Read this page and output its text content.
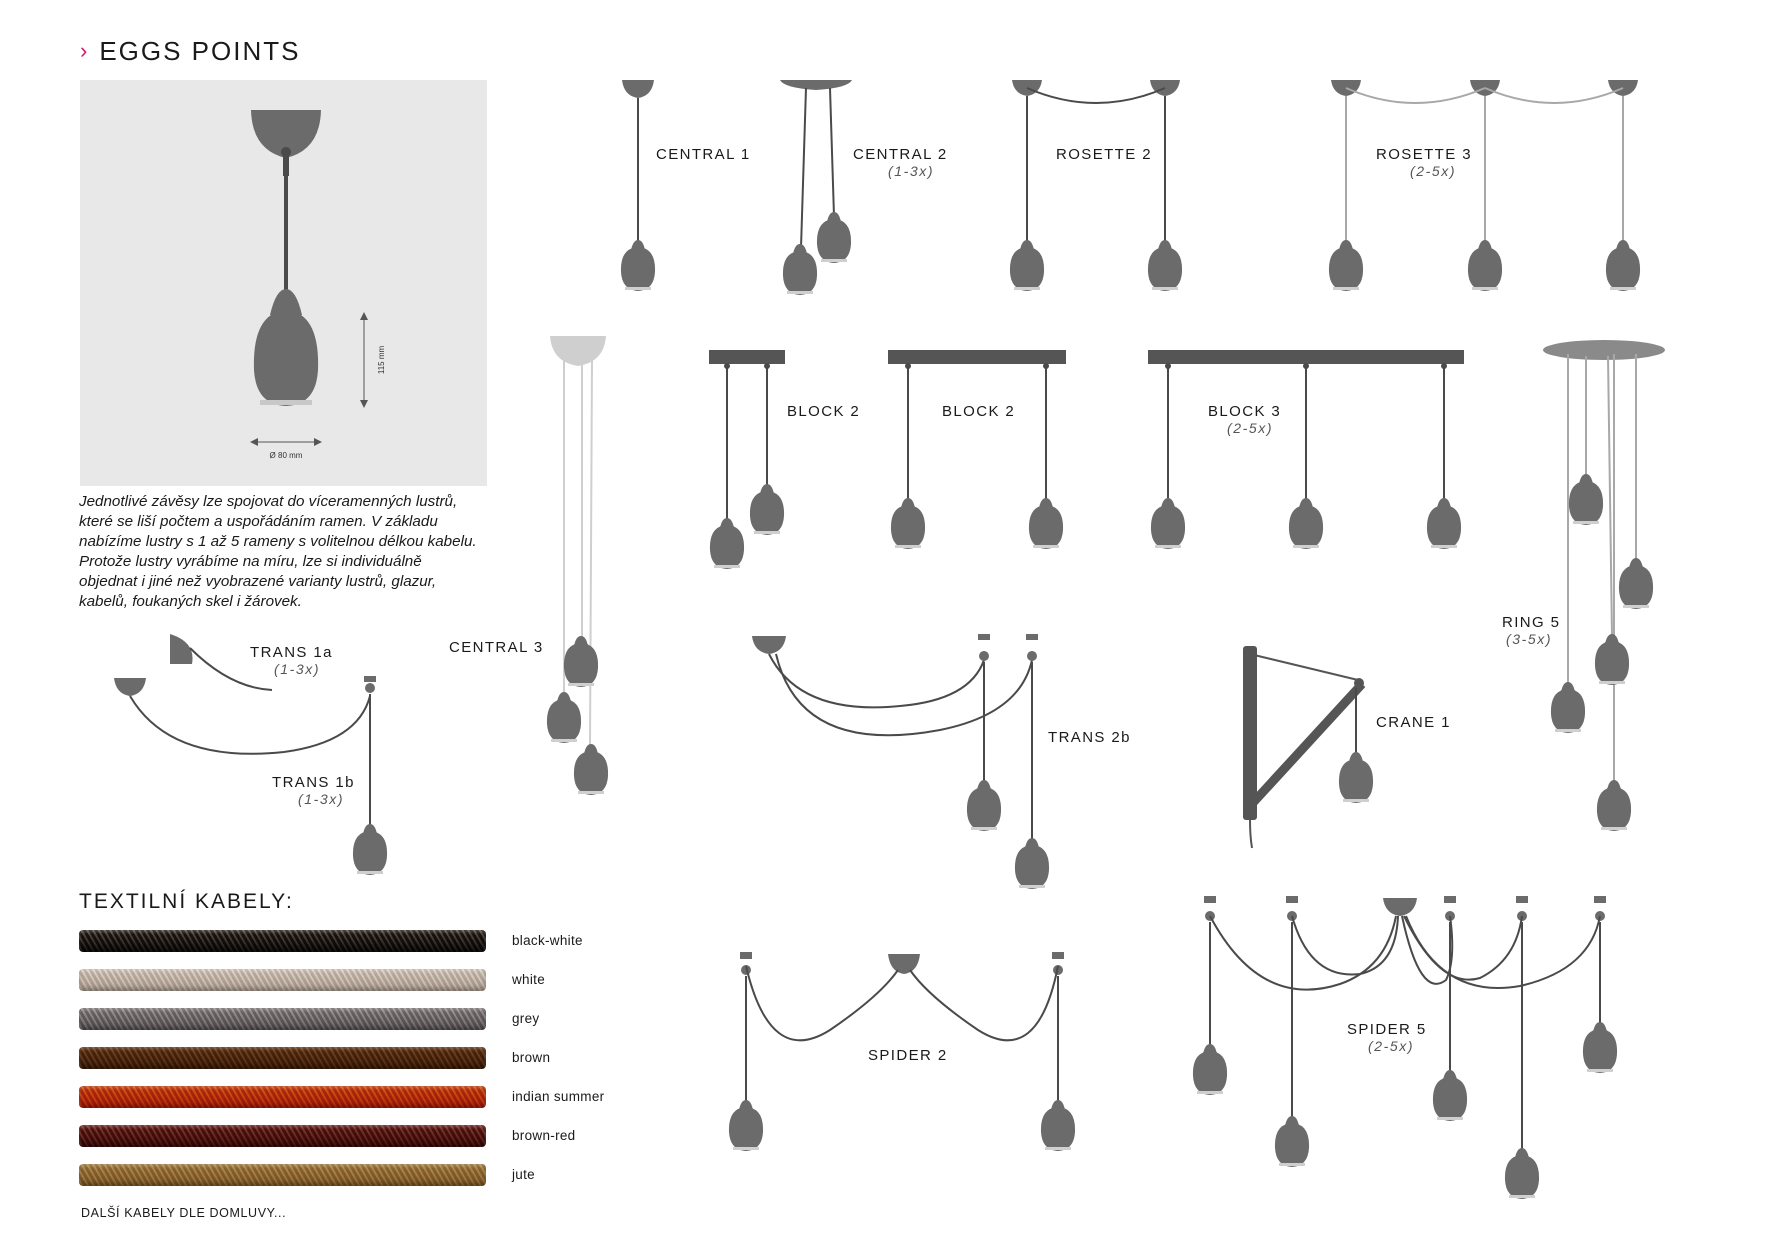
› EGGS POINTS
115 mm
Ø 80 mm
Jednotlivé závěsy lze spojovat do víceramenných lustrů,
které se liší počtem a uspořádáním ramen. V základu
nabízíme lustry s 1 až 5 rameny s volitelnou délkou kabelu.
Protože lustry vyrábíme na míru, lze si individuálně
objednat i jiné než vyobrazené varianty lustrů, glazur,
kabelů, foukaných skel i žárovek.
CENTRAL 1	CENTRAL 2
(1-3x)
ROSETTE 2	ROSETTE 3
(2-5x)
CENTRAL 3
BLOCK 2	BLOCK 2	BLOCK 3
(2-5x)
RING 5
(3-5x)
TRANS 1a
(1-3x)
TRANS 1b
(1-3x)
TRANS 2b
CRANE 1
SPIDER 2
SPIDER 5
(2-5x)
TEXTILNÍ KABELY:
black-white
white
grey
brown
indian summer
brown-red
jute
DALŠÍ KABELY DLE DOMLUVY...
